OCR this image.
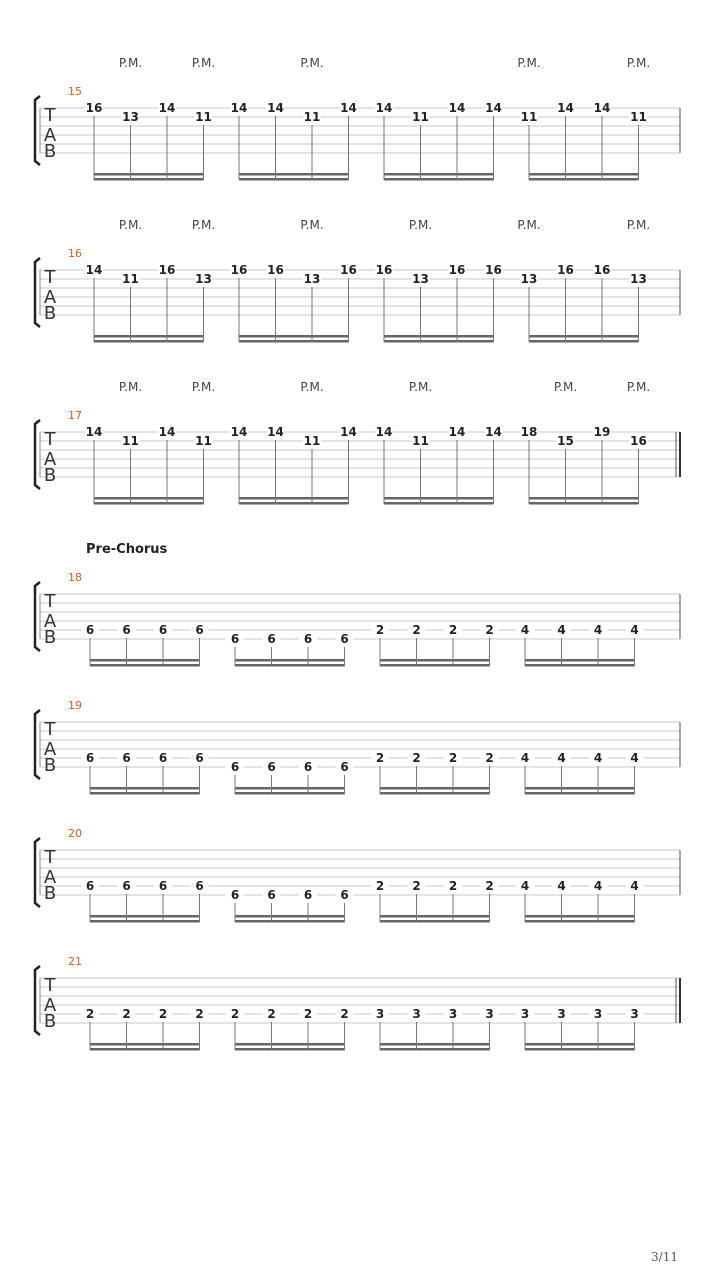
T
A
B
15
P.M.	P.M.	P.M.	P.M.	P.M.
16
13
14
11
14 14
11
14 14
11
14 14
11
14 14
11
T
A
B
16
P.M.	P.M.	P.M.	P.M.	P.M.	P.M.
14
11
16
13
16 16
13
16 16
13
16 16
13
16 16
13
T
A
B
17
P.M.	P.M.	P.M.	P.M.	P.M.	P.M.
14
11
14
11
14 14
11
14 14
11
14 14 18
15
19
16
T
A
B
18
Pre-Chorus
6 6 6 6
6 6 6 6
2 2 2 2 4 4 4 4
T
A
B
19
6 6 6 6
6 6 6 6
2 2 2 2 4 4 4 4
T
A
B
20
6 6 6 6
6 6 6 6
2 2 2 2 4 4 4 4
T
A
B
21
2 2 2 2 2 2 2 2 3 3 3 3 3 3 3 3
3/11
